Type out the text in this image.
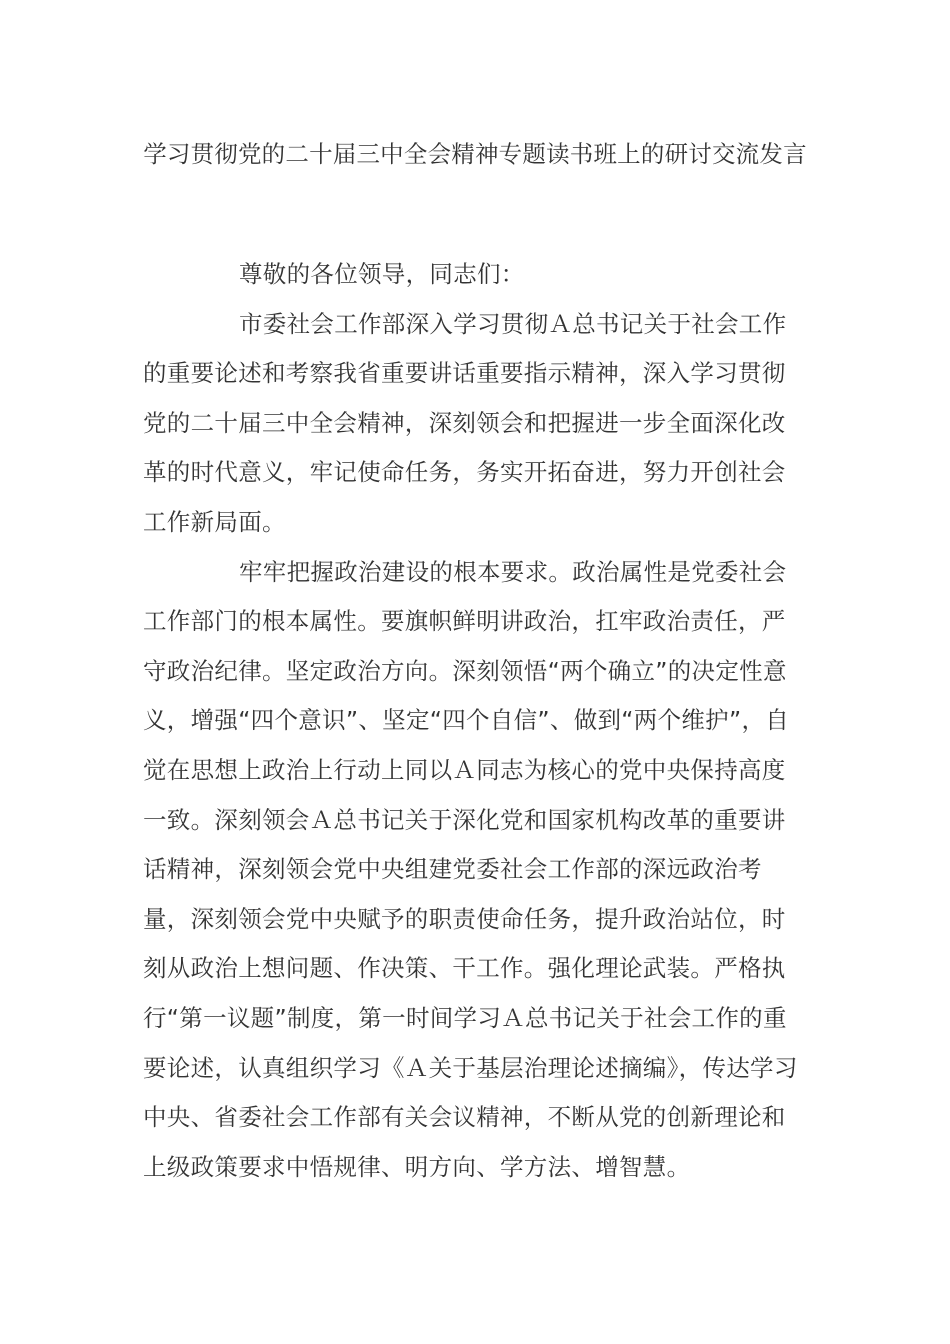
学习贯彻党的二十届三中全会精神专题读书班上的研讨交流发言

尊敬的各位领导，同志们：

市委社会工作部深入学习贯彻Ａ总书记关于社会工作的重要论述和考察我省重要讲话重要指示精神，深入学习贯彻党的二十届三中全会精神，深刻领会和把握进一步全面深化改革的时代意义，牢记使命任务，务实开拓奋进，努力开创社会工作新局面。

牢牢把握政治建设的根本要求。政治属性是党委社会工作部门的根本属性。要旗帜鲜明讲政治，扛牢政治责任，严守政治纪律。坚定政治方向。深刻领悟“两个确立”的决定性意义，增强“四个意识”、坚定“四个自信”、做到“两个维护”，自觉在思想上政治上行动上同以Ａ同志为核心的党中央保持高度一致。深刻领会Ａ总书记关于深化党和国家机构改革的重要讲话精神，深刻领会党中央组建党委社会工作部的深远政治考量，深刻领会党中央赋予的职责使命任务，提升政治站位，时刻从政治上想问题、作决策、干工作。强化理论武装。严格执行“第一议题”制度，第一时间学习Ａ总书记关于社会工作的重要论述，认真组织学习《Ａ关于基层治理论述摘编》，传达学习中央、省委社会工作部有关会议精神，不断从党的创新理论和上级政策要求中悟规律、明方向、学方法、增智慧。
